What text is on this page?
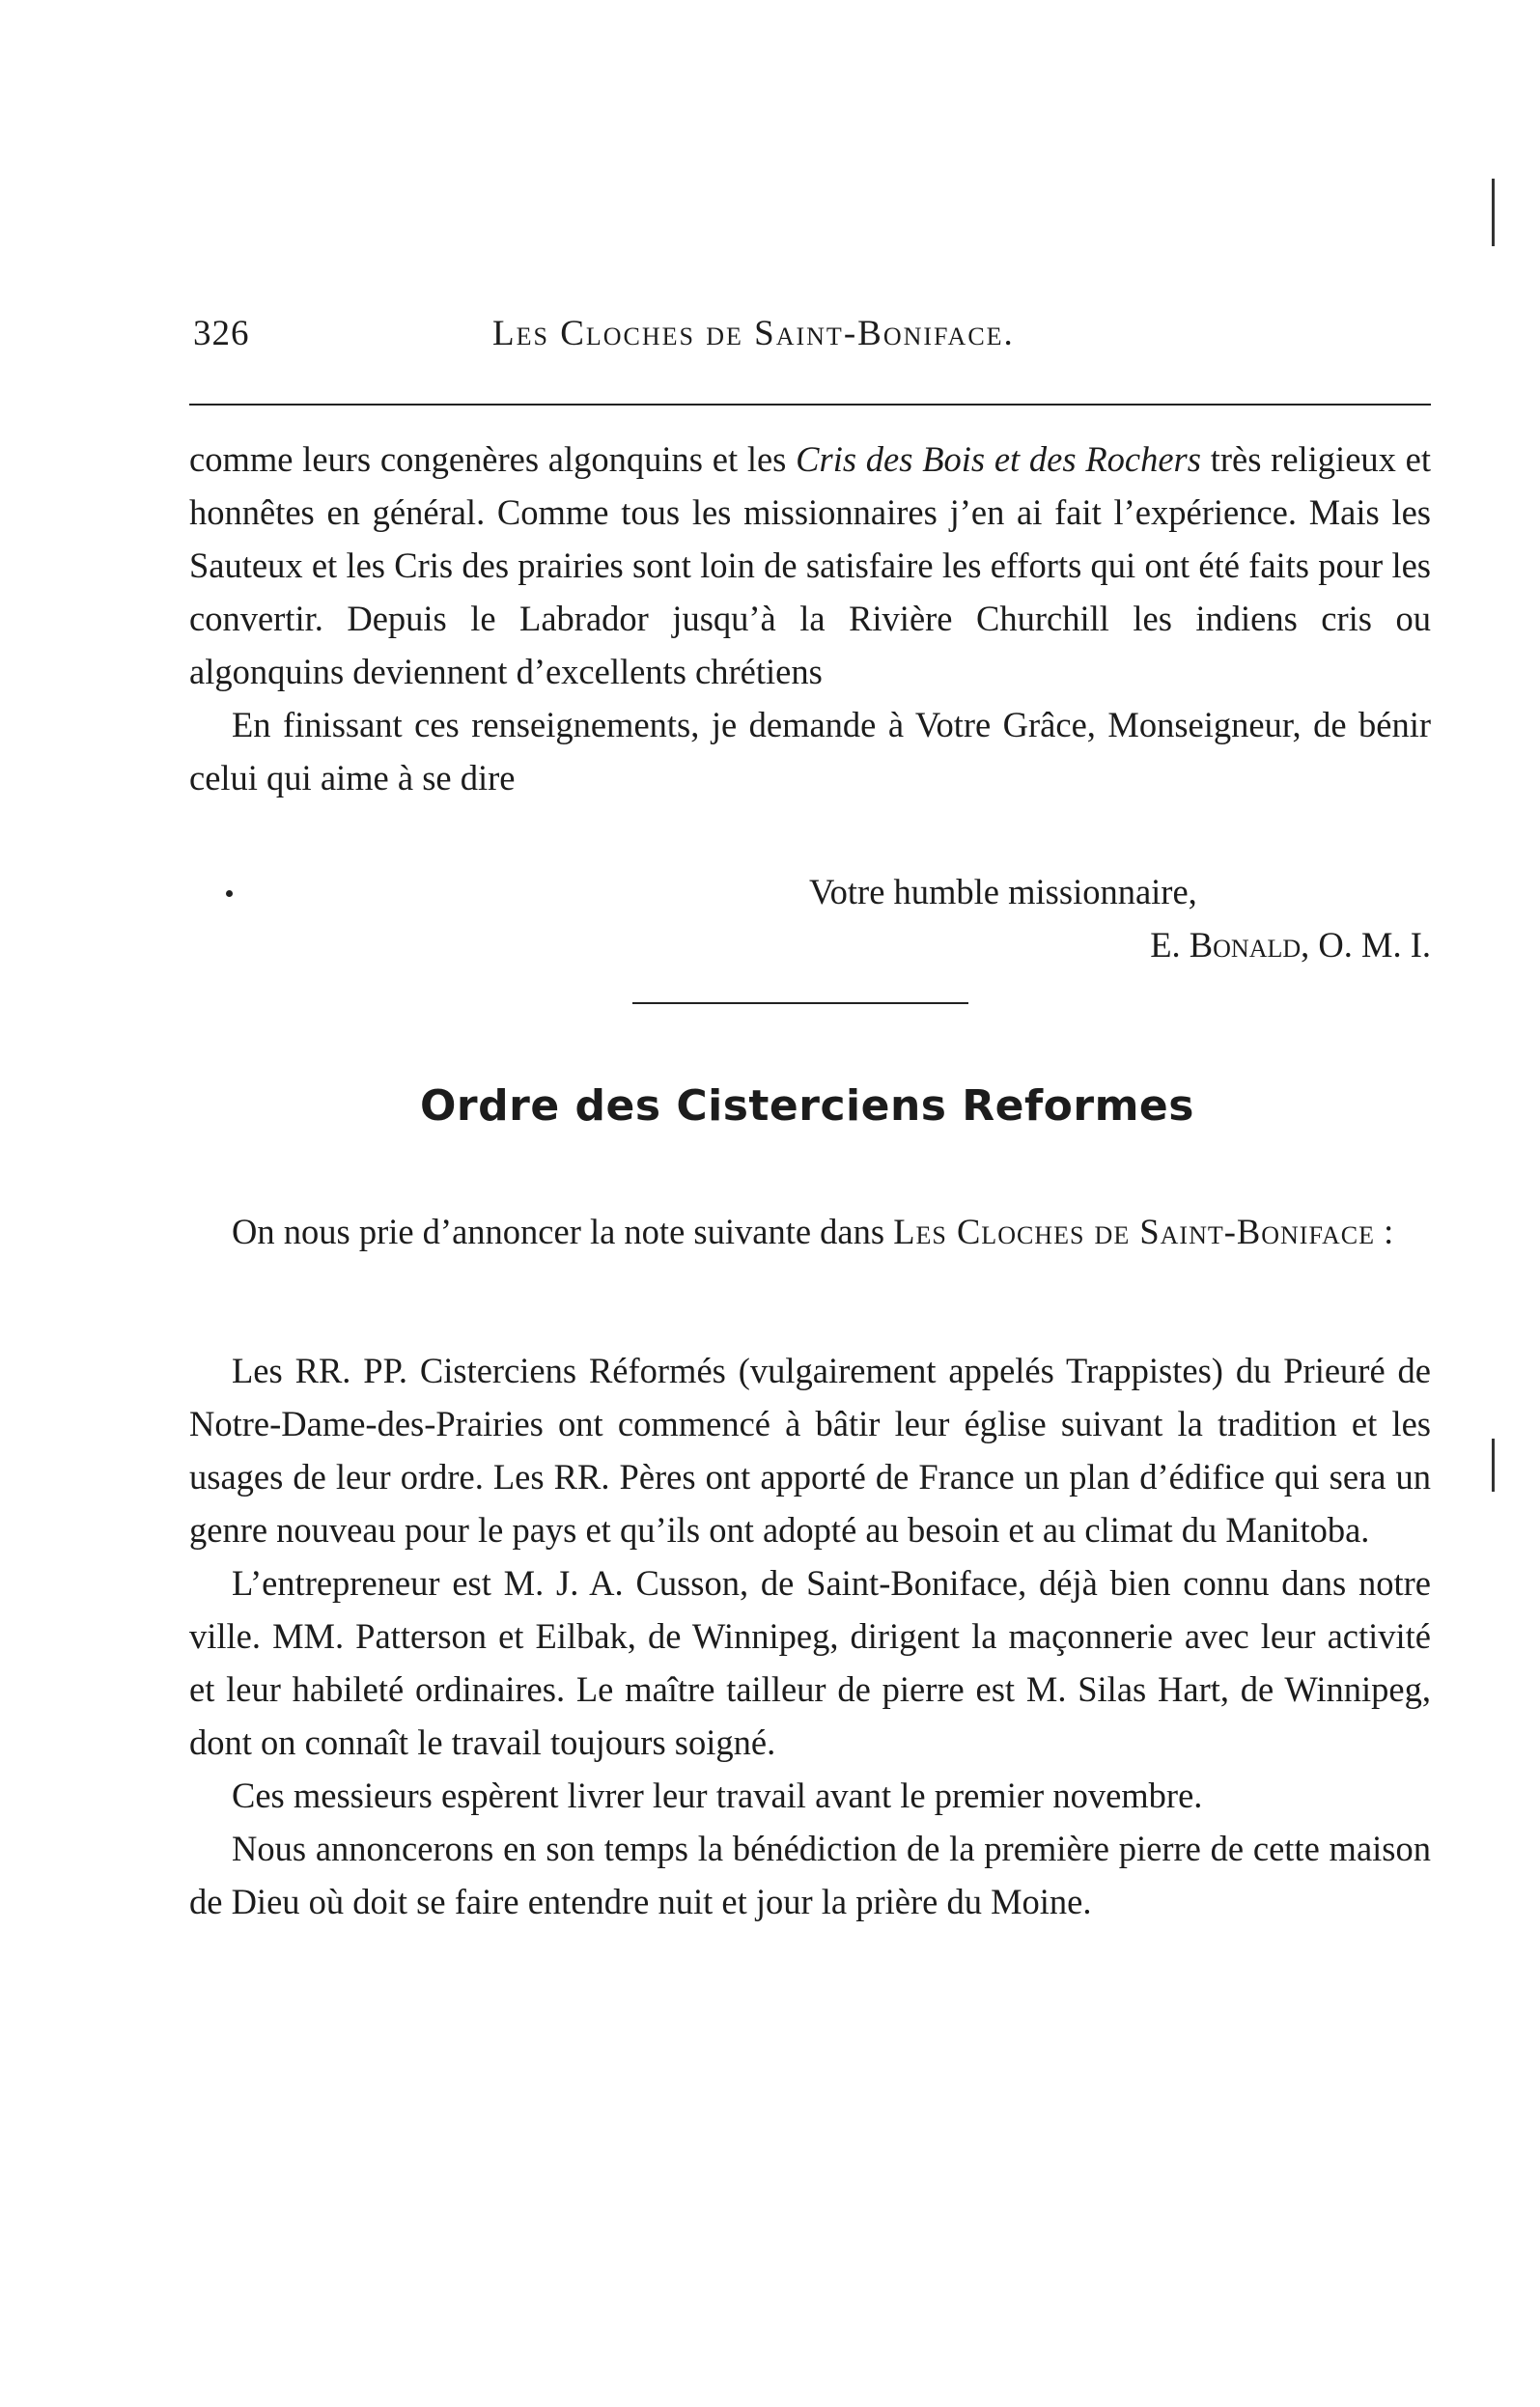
326	Les Cloches de Saint-Boniface.

comme leurs congenères algonquins et les Cris des Bois et des Rochers très religieux et honnêtes en général. Comme tous les missionnaires j’en ai fait l’expérience. Mais les Sauteux et les Cris des prairies sont loin de satisfaire les efforts qui ont été faits pour les convertir. Depuis le Labrador jusqu’à la Rivière Churchill les indiens cris ou algonquins deviennent d’excellents chrétiens

En finissant ces renseignements, je demande à Votre Grâce, Monseigneur, de bénir celui qui aime à se dire

Votre humble missionnaire,
E. Bonald, O. M. I.
Ordre des Cisterciens Reformes

On nous prie d’annoncer la note suivante dans Les Cloches de Saint-Boniface :

Les RR. PP. Cisterciens Réformés (vulgairement appelés Trappistes) du Prieuré de Notre-Dame-des-Prairies ont commencé à bâtir leur église suivant la tradition et les usages de leur ordre. Les RR. Pères ont apporté de France un plan d’édifice qui sera un genre nouveau pour le pays et qu’ils ont adopté au besoin et au climat du Manitoba.

L’entrepreneur est M. J. A. Cusson, de Saint-Boniface, déjà bien connu dans notre ville. MM. Patterson et Eilbak, de Winnipeg, dirigent la maçonnerie avec leur activité et leur habileté ordinaires. Le maître tailleur de pierre est M. Silas Hart, de Winnipeg, dont on connaît le travail toujours soigné.

Ces messieurs espèrent livrer leur travail avant le premier novembre.

Nous annoncerons en son temps la bénédiction de la première pierre de cette maison de Dieu où doit se faire entendre nuit et jour la prière du Moine.
